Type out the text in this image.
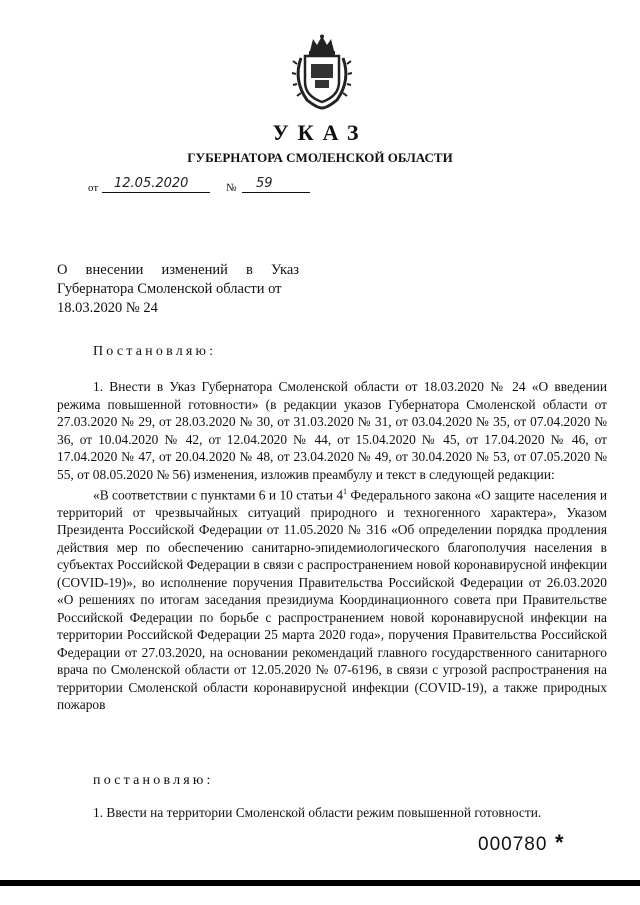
УКАЗ
ГУБЕРНАТОРА СМОЛЕНСКОЙ ОБЛАСТИ
от 12.05.2020	№ 59
О внесении изменений в Указ
Губернатора Смоленской области от
18.03.2020 № 24
Постановляю:

1. Внести в Указ Губернатора Смоленской области от 18.03.2020 № 24 «О введении режима повышенной готовности» (в редакции указов Губернатора Смоленской области от 27.03.2020 № 29, от 28.03.2020 № 30, от 31.03.2020 № 31, от 03.04.2020 № 35, от 07.04.2020 № 36, от 10.04.2020 № 42, от 12.04.2020 № 44, от 15.04.2020 № 45, от 17.04.2020 № 46, от 17.04.2020 № 47, от 20.04.2020 № 48, от 23.04.2020 № 49, от 30.04.2020 № 53, от 07.05.2020 № 55, от 08.05.2020 № 56) изменения, изложив преамбулу и текст в следующей редакции:

«В соответствии с пунктами 6 и 10 статьи $4^1$ Федерального закона «О защите населения и территорий от чрезвычайных ситуаций природного и техногенного характера», Указом Президента Российской Федерации от 11.05.2020 № 316 «Об определении порядка продления действия мер по обеспечению санитарно-эпидемиологического благополучия населения в субъектах Российской Федерации в связи с распространением новой коронавирусной инфекции (COVID-19)», во исполнение поручения Правительства Российской Федерации от 26.03.2020 «О решениях по итогам заседания президиума Координационного совета при Правительстве Российской Федерации по борьбе с распространением новой коронавирусной инфекции на территории Российской Федерации 25 марта 2020 года», поручения Правительства Российской Федерации от 27.03.2020, на основании рекомендаций главного государственного санитарного врача по Смоленской области от 12.05.2020 № 07-6196, в связи с угрозой распространения на территории Смоленской области коронавирусной инфекции (COVID-19), а также природных пожаров

постановляю:
1. Ввести на территории Смоленской области режим повышенной готовности.
000780 *
